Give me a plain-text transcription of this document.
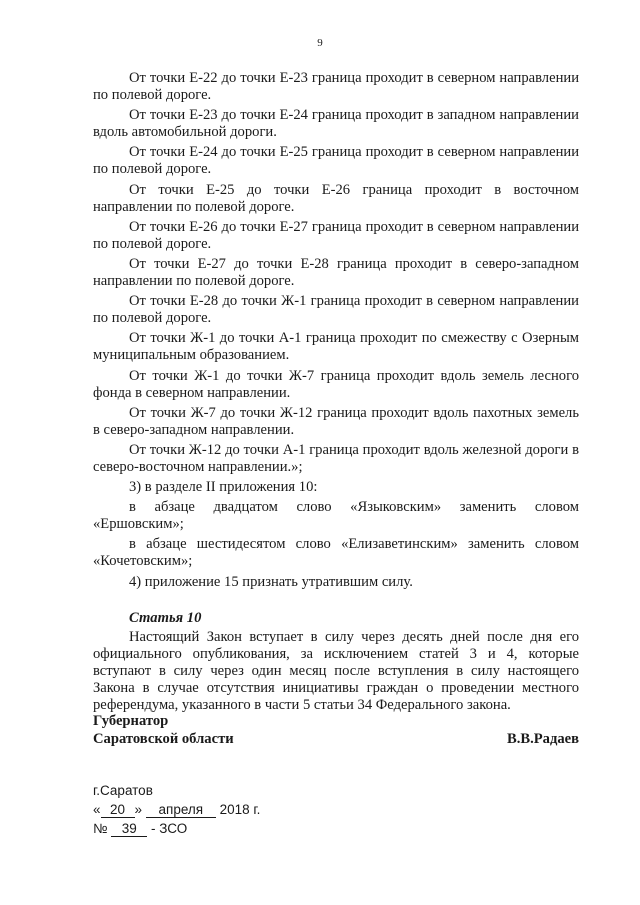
9

От точки Е-22 до точки Е-23 граница проходит в северном направлении по полевой дороге.

От точки Е-23 до точки Е-24 граница проходит в западном направлении вдоль автомобильной дороги.

От точки Е-24 до точки Е-25 граница проходит в северном направлении по полевой дороге.

От точки Е-25 до точки Е-26 граница проходит в восточном направлении по полевой дороге.

От точки Е-26 до точки Е-27 граница проходит в северном направлении по полевой дороге.

От точки Е-27 до точки Е-28 граница проходит в северо-западном направлении по полевой дороге.

От точки Е-28 до точки Ж-1 граница проходит в северном направлении по полевой дороге.

От точки Ж-1 до точки А-1 граница проходит по смежеству с Озерным муниципальным образованием.

От точки Ж-1 до точки Ж-7 граница проходит вдоль земель лесного фонда в северном направлении.

От точки Ж-7 до точки Ж-12 граница проходит вдоль пахотных земель в северо-западном направлении.

От точки Ж-12 до точки А-1 граница проходит вдоль железной дороги в северо-восточном направлении.»;

3) в разделе II приложения 10:

в абзаце двадцатом слово «Языковским» заменить словом «Ершовским»;

в абзаце шестидесятом слово «Елизаветинским» заменить словом «Кочетовским»;

4) приложение 15 признать утратившим силу.

Статья 10

Настоящий Закон вступает в силу через десять дней после дня его официального опубликования, за исключением статей 3 и 4, которые вступают в силу через один месяц после вступления в силу настоящего Закона в случае отсутствия инициативы граждан о проведении местного референдума, указанного в части 5 статьи 34 Федерального закона.

Губернатор
Саратовской области	В.В.Радаев
г.Саратов
« 20 » апреля 2018 г.
№ 39 - ЗСО
